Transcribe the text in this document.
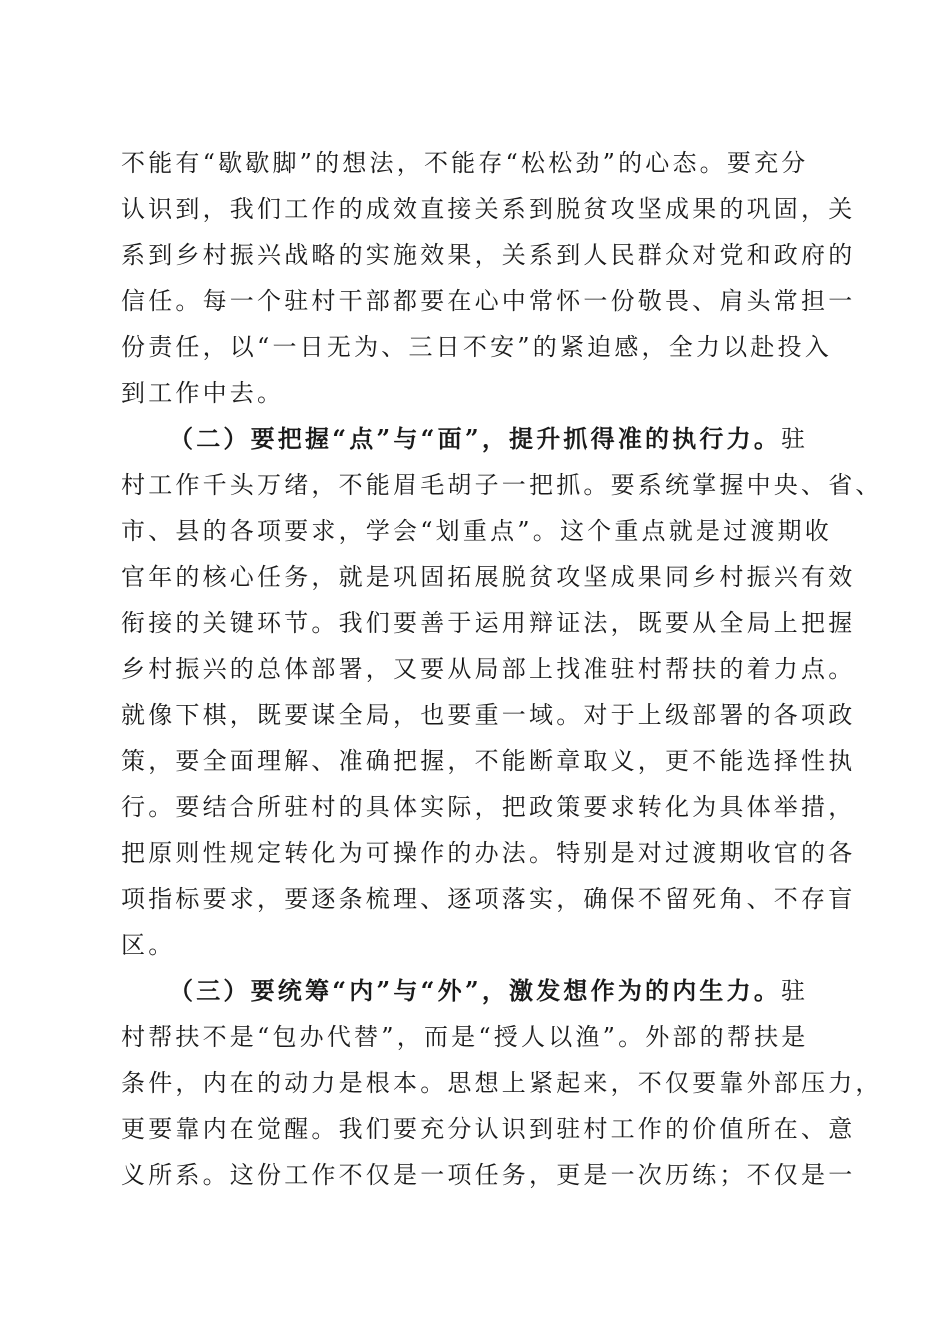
不能有“歇歇脚”的想法，不能存“松松劲”的心态。要充分
认识到，我们工作的成效直接关系到脱贫攻坚成果的巩固，关
系到乡村振兴战略的实施效果，关系到人民群众对党和政府的
信任。每一个驻村干部都要在心中常怀一份敬畏、肩头常担一
份责任，以“一日无为、三日不安”的紧迫感，全力以赴投入
到工作中去。
（二）要把握“点”与“面”，提升抓得准的执行力。驻
村工作千头万绪，不能眉毛胡子一把抓。要系统掌握中央、省、
市、县的各项要求，学会“划重点”。这个重点就是过渡期收
官年的核心任务，就是巩固拓展脱贫攻坚成果同乡村振兴有效
衔接的关键环节。我们要善于运用辩证法，既要从全局上把握
乡村振兴的总体部署，又要从局部上找准驻村帮扶的着力点。
就像下棋，既要谋全局，也要重一域。对于上级部署的各项政
策，要全面理解、准确把握，不能断章取义，更不能选择性执
行。要结合所驻村的具体实际，把政策要求转化为具体举措，
把原则性规定转化为可操作的办法。特别是对过渡期收官的各
项指标要求，要逐条梳理、逐项落实，确保不留死角、不存盲
区。
（三）要统筹“内”与“外”，激发想作为的内生力。驻
村帮扶不是“包办代替”，而是“授人以渔”。外部的帮扶是
条件，内在的动力是根本。思想上紧起来，不仅要靠外部压力，
更要靠内在觉醒。我们要充分认识到驻村工作的价值所在、意
义所系。这份工作不仅是一项任务，更是一次历练；不仅是一
